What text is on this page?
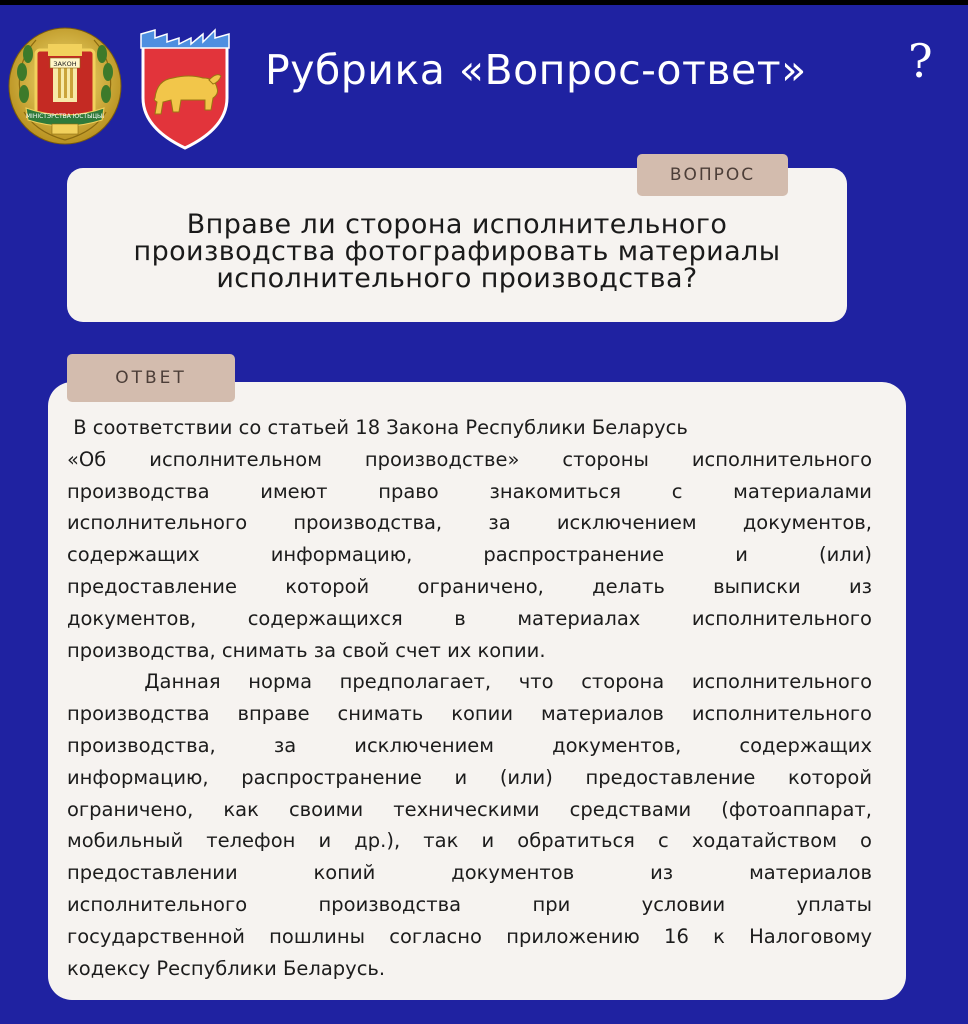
ЗАКОН
МІНІСТЭРСТВА ЮСТЫЦЫІ
Рубрика «Вопрос-ответ» ?
ВОПРОС
Вправе ли сторона исполнительного
производства фотографировать материалы
исполнительного производства?
ОТВЕТ
В соответствии со статьей 18 Закона Республики Беларусь
«Об исполнительном производстве» стороны исполнительного
производства имеют право знакомиться с материалами
исполнительного производства, за исключением документов,
содержащих информацию, распространение и (или)
предоставление которой ограничено, делать выписки из
документов, содержащихся в материалах исполнительного
производства, снимать за свой счет их копии.
Данная норма предполагает, что сторона исполнительного
производства вправе снимать копии материалов исполнительного
производства, за исключением документов, содержащих
информацию, распространение и (или) предоставление которой
ограничено, как своими техническими средствами (фотоаппарат,
мобильный телефон и др.), так и обратиться с ходатайством о
предоставлении копий документов из материалов
исполнительного производства при условии уплаты
государственной пошлины согласно приложению 16 к Налоговому
кодексу Республики Беларусь.
